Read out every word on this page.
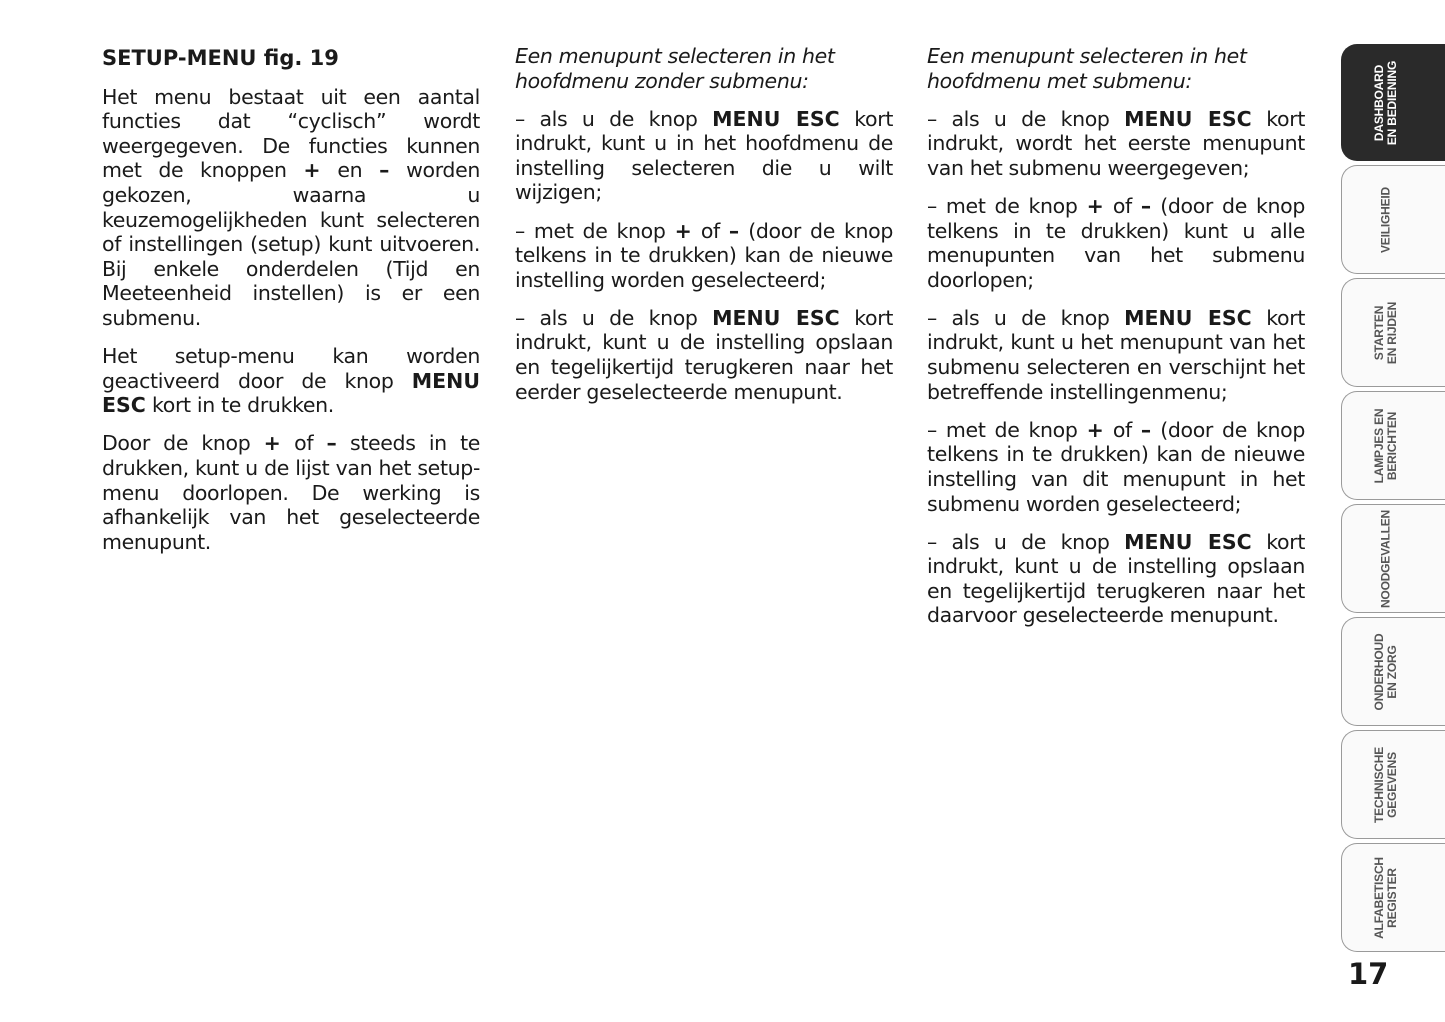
SETUP-MENU fig. 19

Het menu bestaat uit een aantal functies dat “cyclisch” wordt weergegeven. De functies kunnen met de knoppen + en – worden gekozen, waarna u keuzemogelijkheden kunt selecteren of instellingen (setup) kunt uitvoeren. Bij enkele onderdelen (Tijd en Meeteenheid instellen) is er een submenu.

Het setup-menu kan worden geactiveerd door de knop MENU ESC kort in te drukken.

Door de knop + of – steeds in te drukken, kunt u de lijst van het setup-menu doorlopen. De werking is afhankelijk van het geselecteerde menupunt.

Een menupunt selecteren in het hoofdmenu zonder submenu:

– als u de knop MENU ESC kort indrukt, kunt u in het hoofdmenu de instelling selecteren die u wilt wijzigen;

– met de knop + of – (door de knop telkens in te drukken) kan de nieuwe instelling worden geselecteerd;

– als u de knop MENU ESC kort indrukt, kunt u de instelling opslaan en tegelijkertijd terugkeren naar het eerder geselecteerde menupunt.

Een menupunt selecteren in het hoofdmenu met submenu:

– als u de knop MENU ESC kort indrukt, wordt het eerste menupunt van het submenu weergegeven;

– met de knop + of – (door de knop telkens in te drukken) kunt u alle menupunten van het submenu doorlopen;

– als u de knop MENU ESC kort indrukt, kunt u het menupunt van het submenu selecteren en verschijnt het betreffende instellingenmenu;

– met de knop + of – (door de knop telkens in te drukken) kan de nieuwe instelling van dit menupunt in het submenu worden geselecteerd;

– als u de knop MENU ESC kort indrukt, kunt u de instelling opslaan en tegelijkertijd terugkeren naar het daarvoor geselecteerde menupunt.

DASHBOARD EN BEDIENING
VEILIGHEID
STARTEN EN RIJDEN
LAMPJES EN BERICHTEN
NOODGEVALLEN
ONDERHOUD EN ZORG
TECHNISCHE GEGEVENS
ALFABETISCH REGISTER
17
